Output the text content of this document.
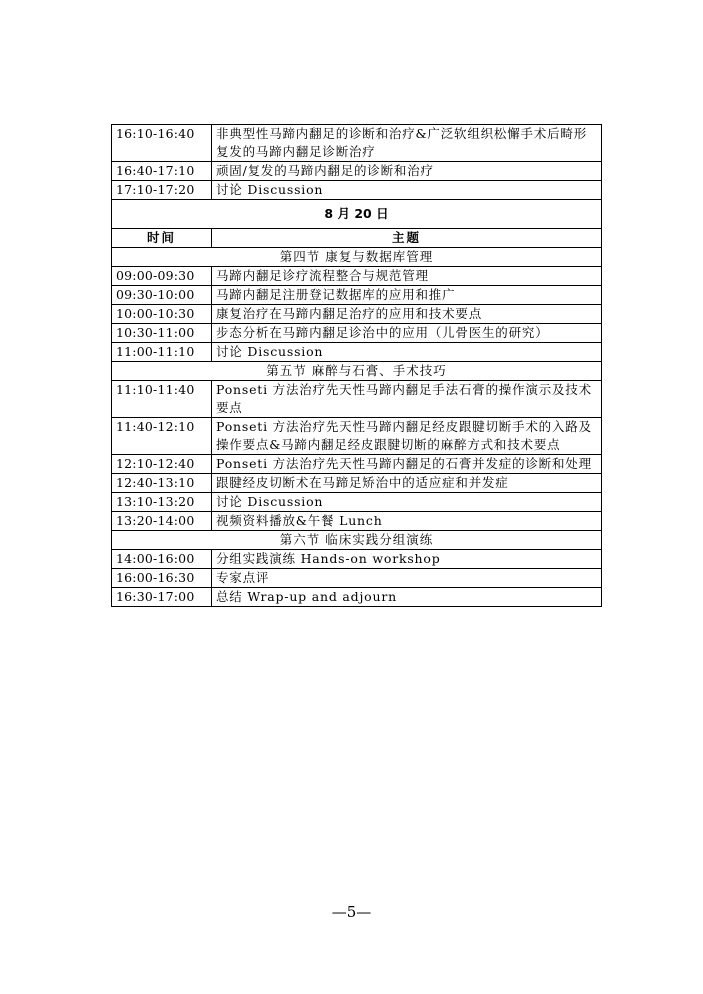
16:10-16:40	非典型性马蹄内翻足的诊断和治疗&广泛软组织松懈手术后畸形复发的马蹄内翻足诊断治疗
16:40-17:10	顽固/复发的马蹄内翻足的诊断和治疗
17:10-17:20	讨论 Discussion
8 月 20 日	
时间	主题
第四节 康复与数据库管理	
09:00-09:30	马蹄内翻足诊疗流程整合与规范管理
09:30-10:00	马蹄内翻足注册登记数据库的应用和推广
10:00-10:30	康复治疗在马蹄内翻足治疗的应用和技术要点
10:30-11:00	步态分析在马蹄内翻足诊治中的应用（儿骨医生的研究）
11:00-11:10	讨论 Discussion
第五节 麻醉与石膏、手术技巧	
11:10-11:40	Ponseti 方法治疗先天性马蹄内翻足手法石膏的操作演示及技术要点
11:40-12:10	Ponseti 方法治疗先天性马蹄内翻足经皮跟腱切断手术的入路及操作要点&马蹄内翻足经皮跟腱切断的麻醉方式和技术要点
12:10-12:40	Ponseti 方法治疗先天性马蹄内翻足的石膏并发症的诊断和处理
12:40-13:10	跟腱经皮切断术在马蹄足矫治中的适应症和并发症
13:10-13:20	讨论 Discussion
13:20-14:00	视频资料播放&午餐 Lunch
第六节 临床实践分组演练	
14:00-16:00	分组实践演练 Hands-on workshop
16:00-16:30	专家点评
16:30-17:00	总结 Wrap-up and adjourn
—5—
